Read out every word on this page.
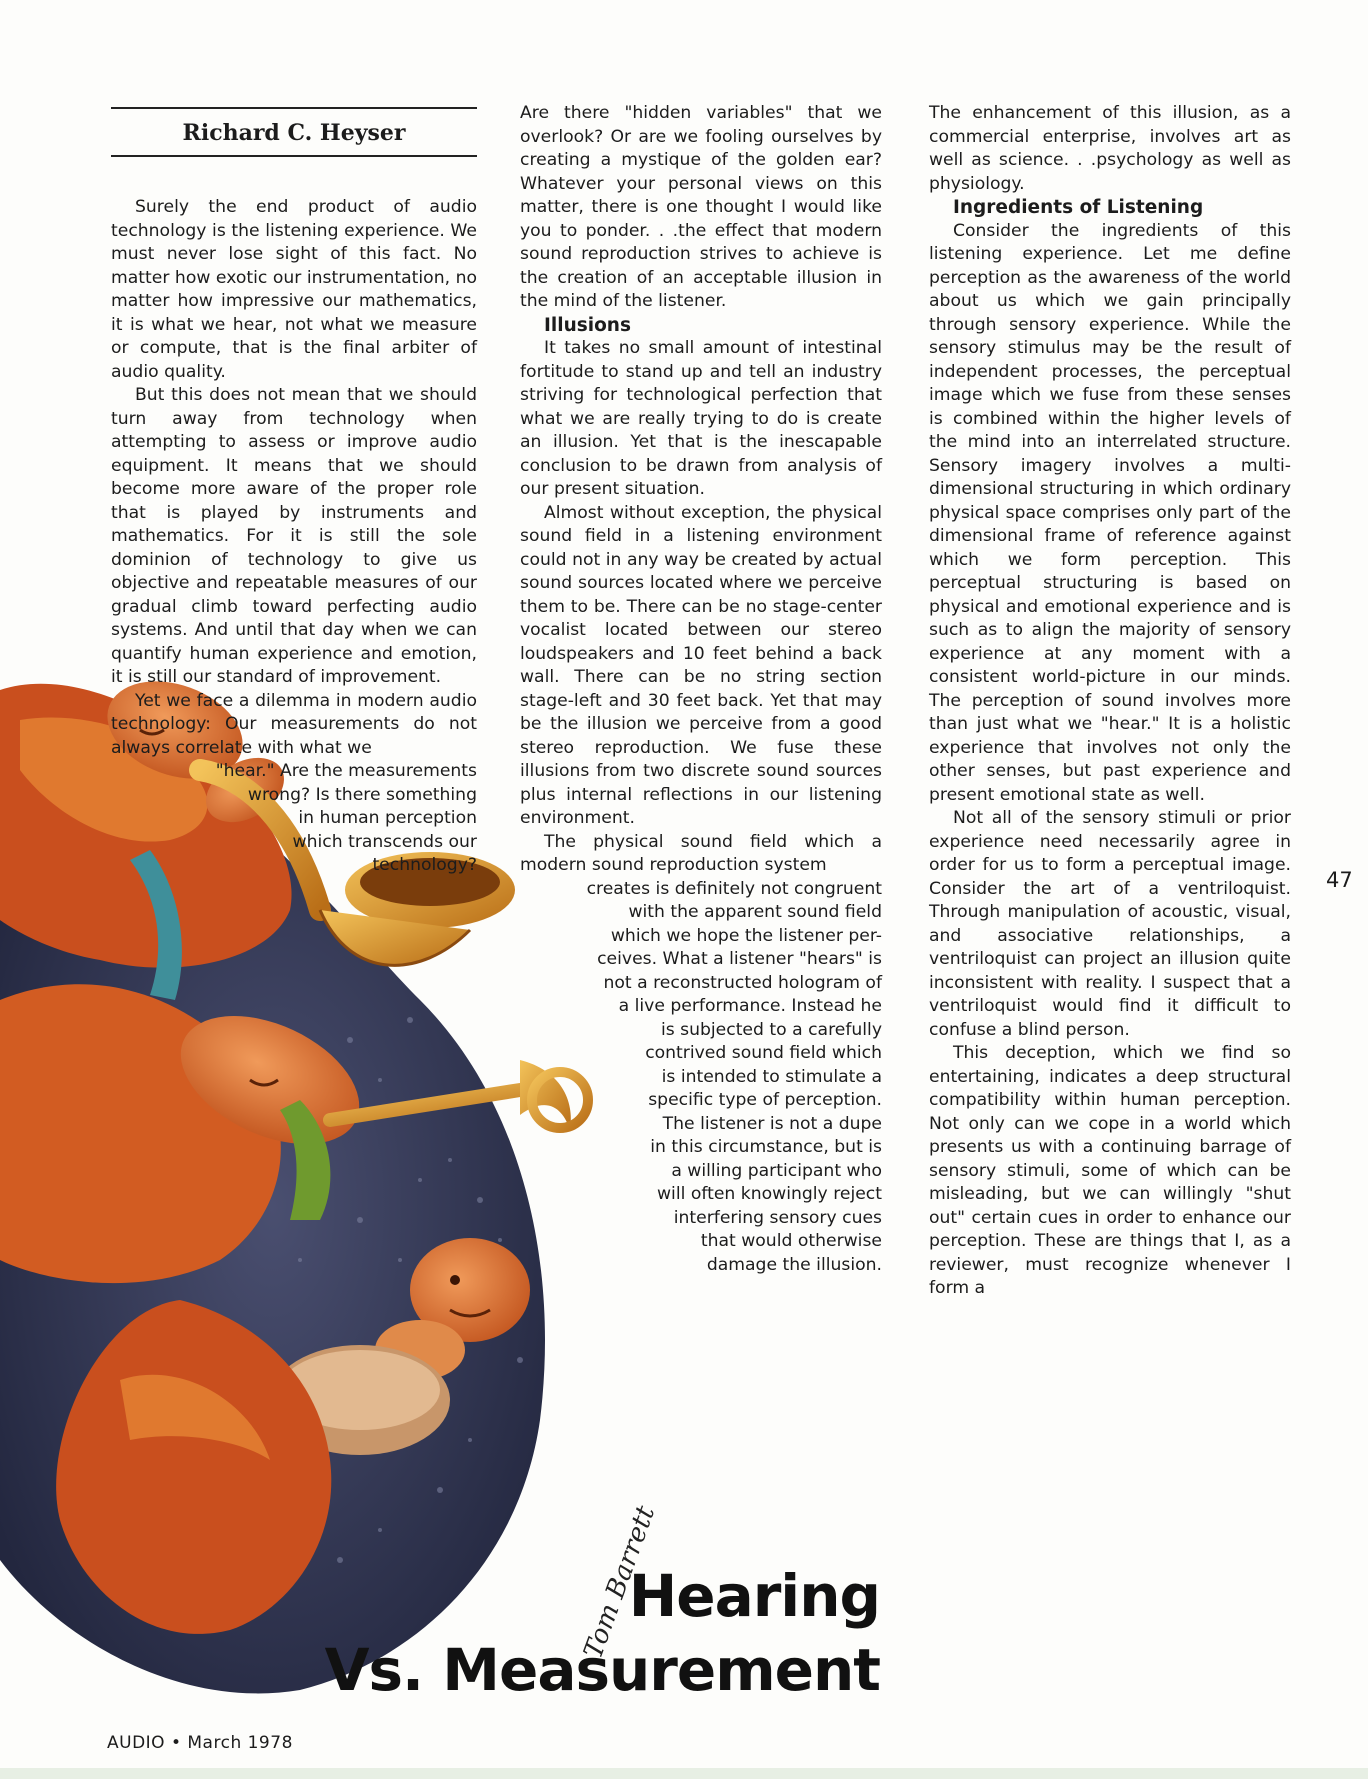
Tom Barrett
Richard C. Heyser

Surely the end product of audio technology is the listening experience. We must never lose sight of this fact. No matter how exotic our instrumentation, no matter how impressive our mathematics, it is what we hear, not what we measure or compute, that is the final arbiter of audio quality.

But this does not mean that we should turn away from technology when attempting to assess or improve audio equipment. It means that we should become more aware of the proper role that is played by instruments and mathematics. For it is still the sole dominion of technology to give us objective and repeatable measures of our gradual climb toward perfecting audio systems. And until that day when we can quantify human experience and emotion, it is still our standard of improvement.

Yet we face a dilemma in modern audio technology: Our measurements do not always correlate with what we

"hear." Are the measurements
wrong? Is there something
in human perception
which transcends our
technology?

Are there "hidden variables" that we overlook? Or are we fooling ourselves by creating a mystique of the golden ear? Whatever your personal views on this matter, there is one thought I would like you to ponder. . .the effect that modern sound reproduction strives to achieve is the creation of an acceptable illusion in the mind of the listener.

Illusions

It takes no small amount of intestinal fortitude to stand up and tell an industry striving for technological perfection that what we are really trying to do is create an illusion. Yet that is the inescapable conclusion to be drawn from analysis of our present situation.

Almost without exception, the physical sound field in a listening environment could not in any way be created by actual sound sources located where we perceive them to be. There can be no stage-center vocalist located between our stereo loudspeakers and 10 feet behind a back wall. There can be no string section stage-left and 30 feet back. Yet that may be the illusion we perceive from a good stereo reproduction. We fuse these illusions from two discrete sound sources plus internal reflections in our listening environment.

The physical sound field which a modern sound reproduction system

creates is definitely not congruent
with the apparent sound field
which we hope the listener per-
ceives. What a listener "hears" is
not a reconstructed hologram of
a live performance. Instead he
is subjected to a carefully
contrived sound field which
is intended to stimulate a
specific type of perception.
The listener is not a dupe
in this circumstance, but is
a willing participant who
will often knowingly reject
interfering sensory cues
that would otherwise
damage the illusion.

The enhancement of this illusion, as a commercial enterprise, involves art as well as science. . .psychology as well as physiology.

Ingredients of Listening

Consider the ingredients of this listening experience. Let me define perception as the awareness of the world about us which we gain principally through sensory experience. While the sensory stimulus may be the result of independent processes, the perceptual image which we fuse from these senses is combined within the higher levels of the mind into an interrelated structure. Sensory imagery involves a multi-dimensional structuring in which ordinary physical space comprises only part of the dimensional frame of reference against which we form perception. This perceptual structuring is based on physical and emotional experience and is such as to align the majority of sensory experience at any moment with a consistent world-picture in our minds. The perception of sound involves more than just what we "hear." It is a holistic experience that involves not only the other senses, but past experience and present emotional state as well.

Not all of the sensory stimuli or prior experience need necessarily agree in order for us to form a perceptual image. Consider the art of a ventriloquist. Through manipulation of acoustic, visual, and associative relationships, a ventriloquist can project an illusion quite inconsistent with reality. I suspect that a ventriloquist would find it difficult to confuse a blind person.

This deception, which we find so entertaining, indicates a deep structural compatibility within human perception. Not only can we cope in a world which presents us with a continuing barrage of sensory stimuli, some of which can be misleading, but we can willingly "shut out" certain cues in order to enhance our perception. These are things that I, as a reviewer, must recognize whenever I form a

47
Hearing
Vs. Measurement
AUDIO • March 1978
